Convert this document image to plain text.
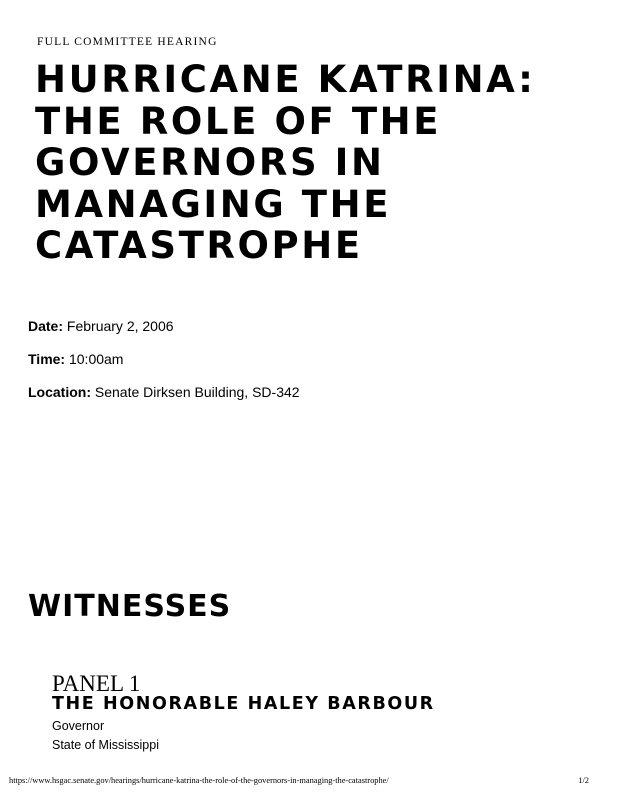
FULL COMMITTEE HEARING
HURRICANE KATRINA: THE ROLE OF THE GOVERNORS IN MANAGING THE CATASTROPHE
Date: February 2, 2006
Time: 10:00am
Location: Senate Dirksen Building, SD-342
WITNESSES
PANEL 1
THE HONORABLE HALEY BARBOUR
Governor
State of Mississippi
https://www.hsgac.senate.gov/hearings/hurricane-katrina-the-role-of-the-governors-in-managing-the-catastrophe/	1/2
